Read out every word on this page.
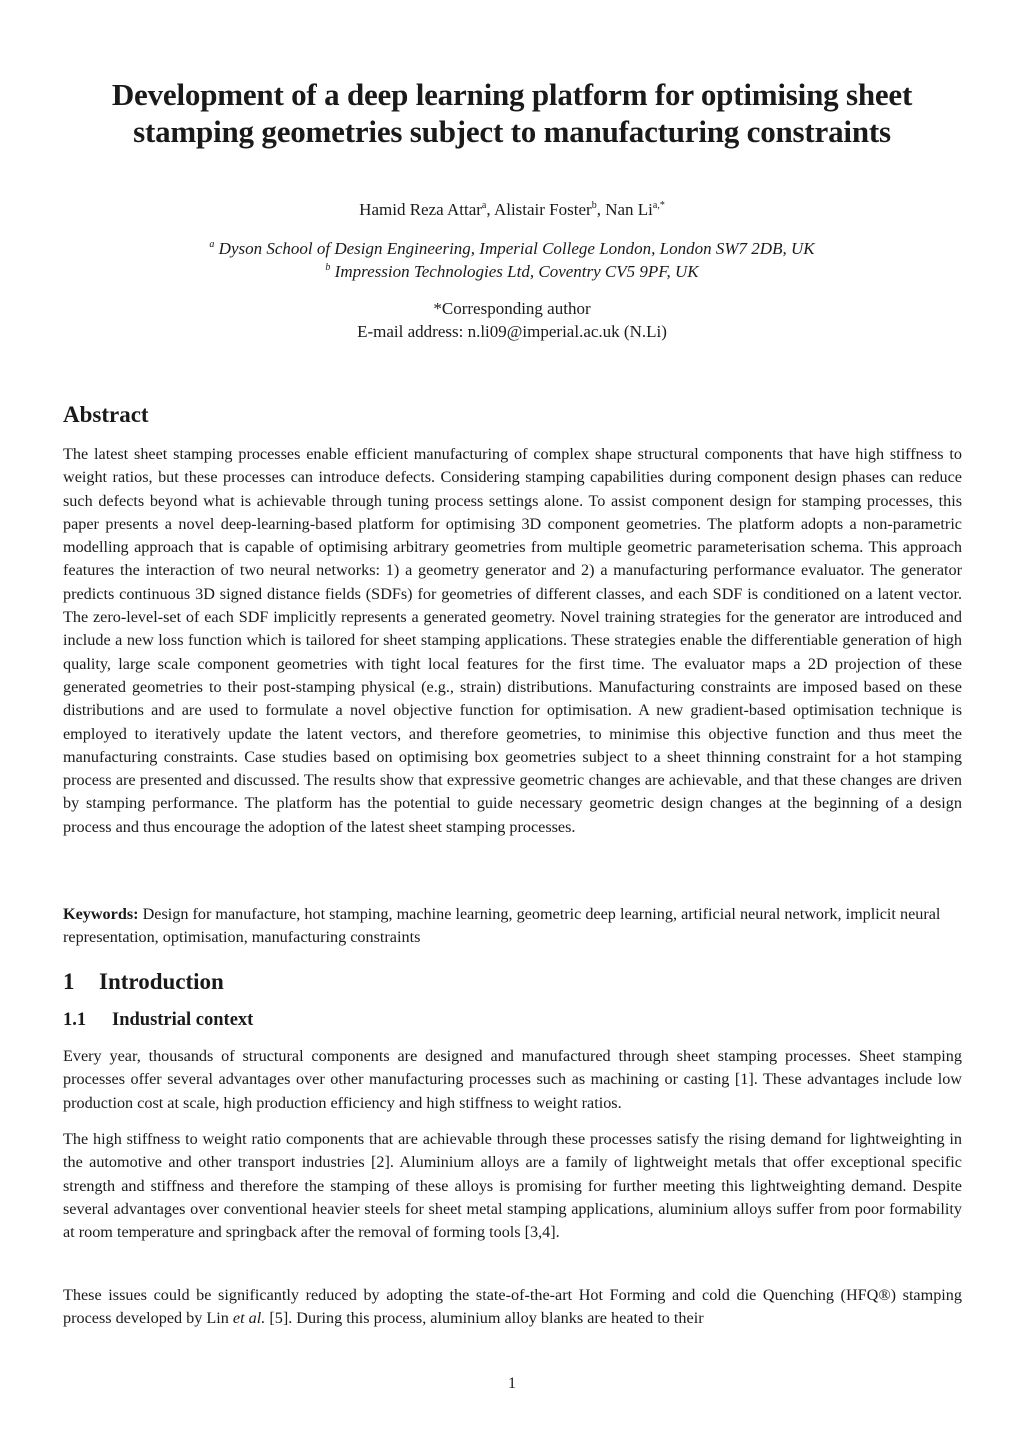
Development of a deep learning platform for optimising sheet
stamping geometries subject to manufacturing constraints
Hamid Reza Attar$^a$, Alistair Foster$^b$, Nan $Li^{a,*}$
$^a$ Dyson School of Design Engineering, Imperial College London, London SW7 2DB, UK
$^b$ Impression Technologies Ltd, Coventry CV5 9PF, UK
*Corresponding author
E-mail address: n.li09@imperial.ac.uk (N.Li)
Abstract

The latest sheet stamping processes enable efficient manufacturing of complex shape structural components that have high stiffness to weight ratios, but these processes can introduce defects. Considering stamping capabilities during component design phases can reduce such defects beyond what is achievable through tuning process settings alone. To assist component design for stamping processes, this paper presents a novel deep-learning-based platform for optimising 3D component geometries. The platform adopts a non-parametric modelling approach that is capable of optimising arbitrary geometries from multiple geometric parameterisation schema. This approach features the interaction of two neural networks: 1) a geometry generator and 2) a manufacturing performance evaluator. The generator predicts continuous 3D signed distance fields (SDFs) for geometries of different classes, and each SDF is conditioned on a latent vector. The zero-level-set of each SDF implicitly represents a generated geometry. Novel training strategies for the generator are introduced and include a new loss function which is tailored for sheet stamping applications. These strategies enable the differentiable generation of high quality, large scale component geometries with tight local features for the first time. The evaluator maps a 2D projection of these generated geometries to their post-stamping physical (e.g., strain) distributions. Manufacturing constraints are imposed based on these distributions and are used to formulate a novel objective function for optimisation. A new gradient-based optimisation technique is employed to iteratively update the latent vectors, and therefore geometries, to minimise this objective function and thus meet the manufacturing constraints. Case studies based on optimising box geometries subject to a sheet thinning constraint for a hot stamping process are presented and discussed. The results show that expressive geometric changes are achievable, and that these changes are driven by stamping performance. The platform has the potential to guide necessary geometric design changes at the beginning of a design process and thus encourage the adoption of the latest sheet stamping processes.

Keywords: Design for manufacture, hot stamping, machine learning, geometric deep learning, artificial neural network, implicit neural representation, optimisation, manufacturing constraints

1 Introduction
1.1 Industrial context

Every year, thousands of structural components are designed and manufactured through sheet stamping processes. Sheet stamping processes offer several advantages over other manufacturing processes such as machining or casting [1]. These advantages include low production cost at scale, high production efficiency and high stiffness to weight ratios.

The high stiffness to weight ratio components that are achievable through these processes satisfy the rising demand for lightweighting in the automotive and other transport industries [2]. Aluminium alloys are a family of lightweight metals that offer exceptional specific strength and stiffness and therefore the stamping of these alloys is promising for further meeting this lightweighting demand. Despite several advantages over conventional heavier steels for sheet metal stamping applications, aluminium alloys suffer from poor formability at room temperature and springback after the removal of forming tools [3,4].

These issues could be significantly reduced by adopting the state-of-the-art Hot Forming and cold die Quenching (HFQ®) stamping process developed by Lin et al. [5]. During this process, aluminium alloy blanks are heated to their

1
